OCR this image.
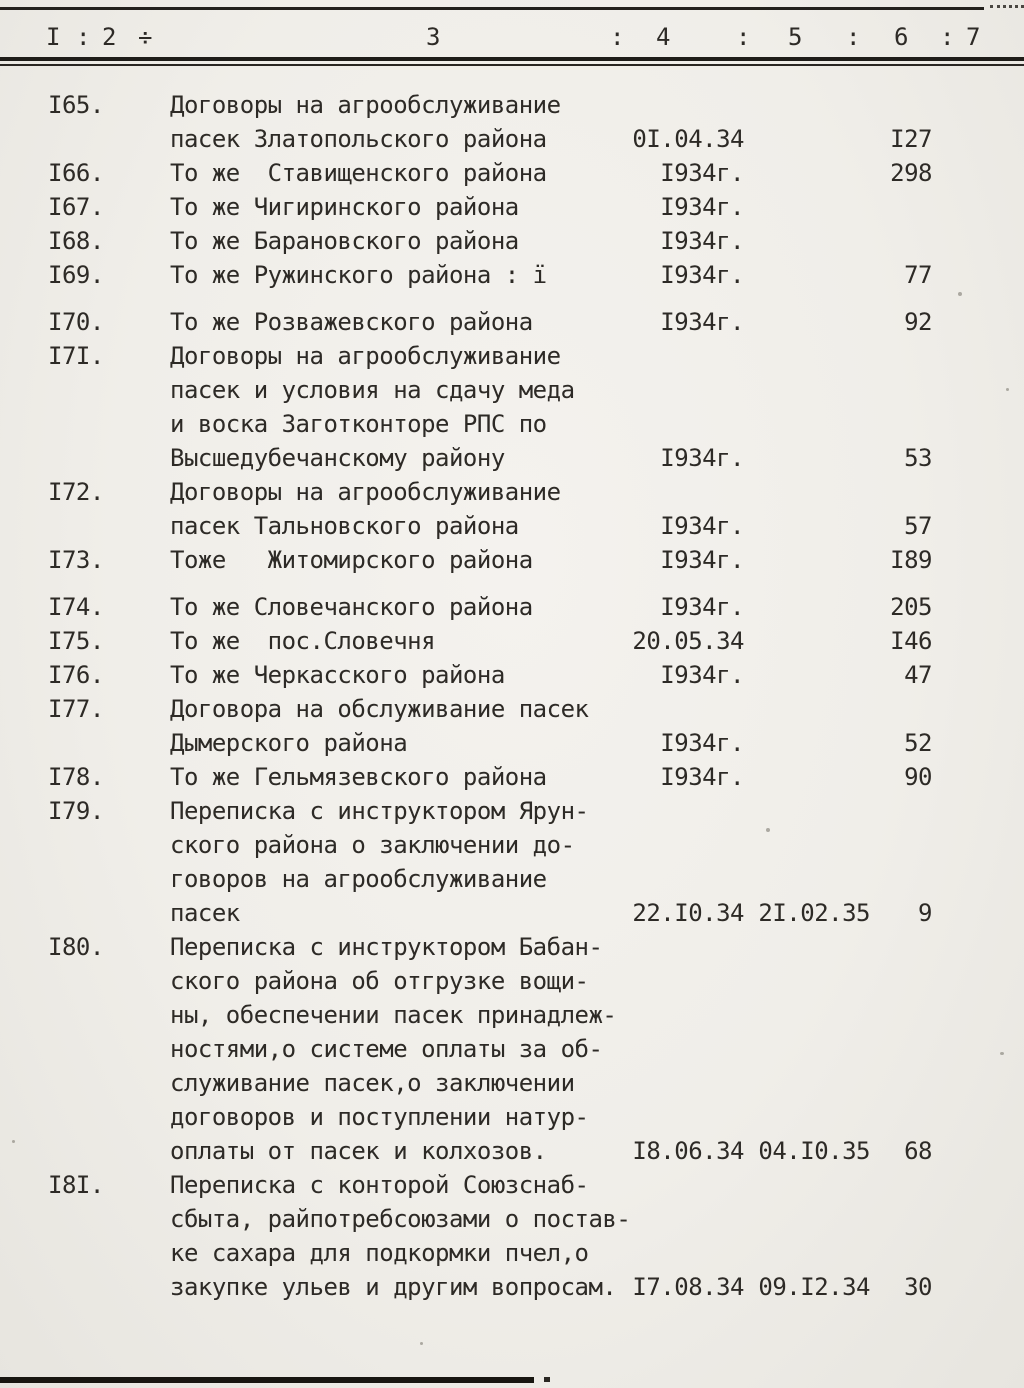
I : 2 ÷	3	: 4	: 5 : 6 : 7
I65.	Договоры на агрообслуживание
пасек Златопольского района	0I.04.34	I27
I66.	То же  Ставищенского района	I934г.	298
I67.	То же Чигиринского района	I934г.
I68.	То же Барановского района	I934г.
I69.	То же Ружинского района : ї	I934г.	77
I70.	То же Розважевского района	I934г.	92
I7I.	Договоры на агрообслуживание
пасек и условия на сдачу меда
и воска Заготконторе РПС по
Высшедубечанскому району	I934г.	53
I72.	Договоры на агрообслуживание
пасек Тальновского района	I934г.	57
I73.	Тоже   Житомирского района	I934г.	I89
I74.	То же Словечанского района	I934г.	205
I75.	То же  пос.Словечня	20.05.34	I46
I76.	То же Черкасского района	I934г.	47
I77.	Договора на обслуживание пасек
Дымерского района	I934г.	52
I78.	То же Гельмязевского района	I934г.	90
I79.	Переписка с инструктором Ярун-
ского района о заключении до-
говоров на агрообслуживание
пасек	22.I0.34 2I.02.35	9
I80.	Переписка с инструктором Бабан-
ского района об отгрузке вощи-
ны, обеспечении пасек принадлеж-
ностями,о системе оплаты за об-
служивание пасек,о заключении
договоров и поступлении натур-
оплаты от пасек и колхозов.	I8.06.34 04.I0.35	68
I8I.	Переписка с конторой Союзснаб-
сбыта, райпотребсоюзами о постав-
ке сахара для подкормки пчел,о
закупке ульев и другим вопросам. I7.08.34 09.I2.34	30
